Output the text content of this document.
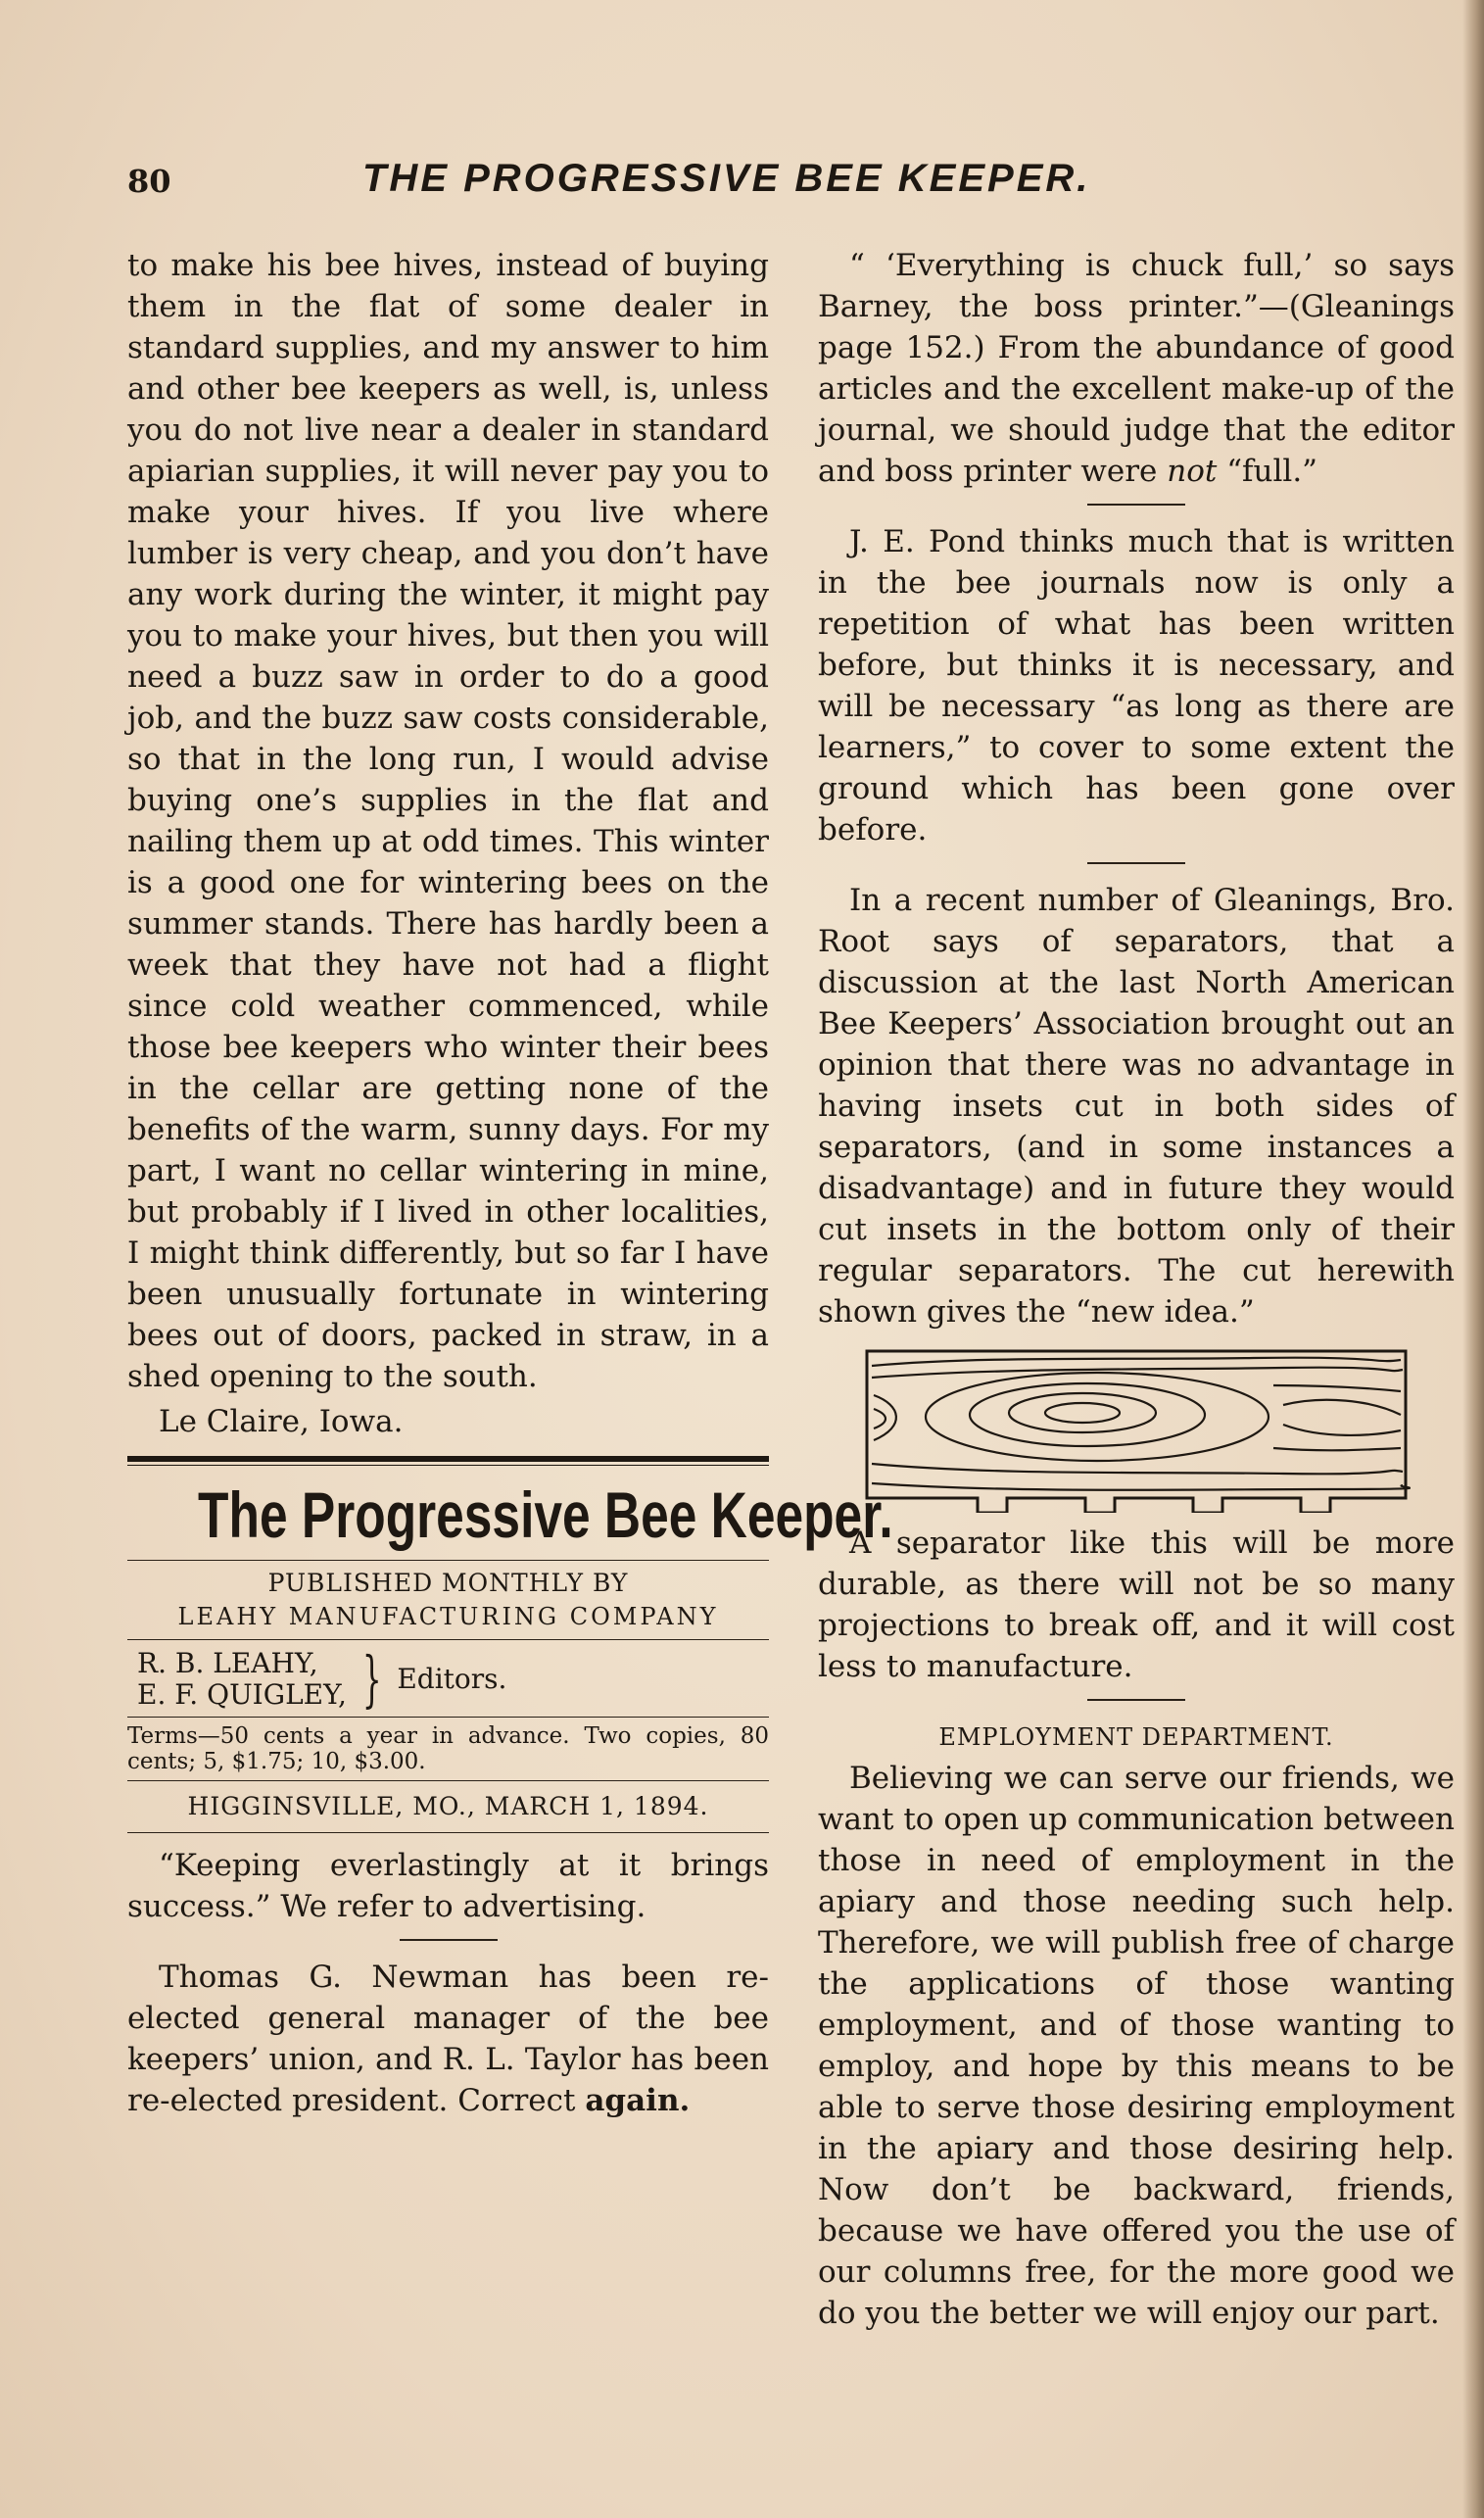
80	THE PROGRESSIVE BEE KEEPER.

to make his bee hives, instead of buying them in the flat of some dealer in standard supplies, and my answer to him and other bee keepers as well, is, unless you do not live near a dealer in standard apiarian supplies, it will never pay you to make your hives. If you live where lumber is very cheap, and you don’t have any work during the winter, it might pay you to make your hives, but then you will need a buzz saw in order to do a good job, and the buzz saw costs considerable, so that in the long run, I would advise buying one’s supplies in the flat and nailing them up at odd times. This winter is a good one for wintering bees on the summer stands. There has hardly been a week that they have not had a flight since cold weather commenced, while those bee keepers who winter their bees in the cellar are getting none of the benefits of the warm, sunny days. For my part, I want no cellar wintering in mine, but probably if I lived in other localities, I might think differently, but so far I have been unusually fortunate in wintering bees out of doors, packed in straw, in a shed opening to the south.

Le Claire, Iowa.
The Progressive Bee Keeper.
PUBLISHED MONTHLY BY
LEAHY MANUFACTURING COMPANY
R. B. LEAHY,
E. F. QUIGLEY, } Editors.
Terms—50 cents a year in advance. Two copies, 80 cents; 5, $1.75; 10, $3.00.
HIGGINSVILLE, MO., MARCH 1, 1894.

“Keeping everlastingly at it brings success.” We refer to advertising.

Thomas G. Newman has been re-elected general manager of the bee keepers’ union, and R. L. Taylor has been re-elected president. Correct again.

“ ‘Everything is chuck full,’ so says Barney, the boss printer.”—(Gleanings page 152.) From the abundance of good articles and the excellent make-up of the journal, we should judge that the editor and boss printer were not “full.”

J. E. Pond thinks much that is written in the bee journals now is only a repetition of what has been written before, but thinks it is necessary, and will be necessary “as long as there are learners,” to cover to some extent the ground which has been gone over before.

In a recent number of Gleanings, Bro. Root says of separators, that a discussion at the last North American Bee Keepers’ Association brought out an opinion that there was no advantage in having insets cut in both sides of separators, (and in some instances a disadvantage) and in future they would cut insets in the bottom only of their regular separators. The cut herewith shown gives the “new idea.”

A separator like this will be more durable, as there will not be so many projections to break off, and it will cost less to manufacture.

EMPLOYMENT DEPARTMENT.

Believing we can serve our friends, we want to open up communication between those in need of employment in the apiary and those needing such help. Therefore, we will publish free of charge the applications of those wanting employment, and of those wanting to employ, and hope by this means to be able to serve those desiring employment in the apiary and those desiring help. Now don’t be backward, friends, because we have offered you the use of our columns free, for the more good we do you the better we will enjoy our part.
